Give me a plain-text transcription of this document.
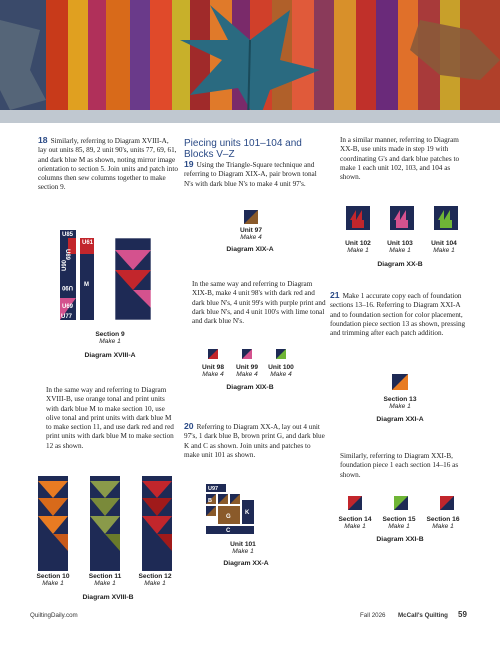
18 Similarly, referring to Diagram XVIII-A, lay out units 85, 89, 2 unit 90's, units 77, 69, 61, and dark blue M as shown, noting mirror image orientation to section 5. Join units and patch into columns then sew columns together to make section 9.

U85
U61
U89
U90
U90 M
U69
U77
Section 9
Make 1
Diagram XVIII-A

In the same way and referring to Diagram XVIII-B, use orange tonal and print units with dark blue M to make section 10, use olive tonal and print units with dark blue M to make section 11, and use dark red and red print units with dark blue M to make section 12 as shown.

Section 10
Make 1
Section 11
Make 1
Section 12
Make 1
Diagram XVIII-B
Piecing units 101–104 and Blocks V–Z

19 Using the Triangle-Square technique and referring to Diagram XIX-A, pair brown tonal N's with dark blue N's to make 4 unit 97's.

Unit 97
Make 4
Diagram XIX-A

In the same way and referring to Diagram XIX-B, make 4 unit 98's with dark red and dark blue N's, 4 unit 99's with purple print and dark blue N's, and 4 unit 100's with lime tonal and dark blue N's.

Unit 98
Make 4
Unit 99
Make 4
Unit 100
Make 4
Diagram XIX-B

20 Referring to Diagram XX-A, lay out 4 unit 97's, 1 dark blue B, brown print G, and dark blue K and C as shown. Join units and patches to make unit 101 as shown.

U97
B
G
K
C
Unit 101
Make 1
Diagram XX-A

In a similar manner, referring to Diagram XX-B, use units made in step 19 with coordinating G's and dark blue patches to make 1 each unit 102, 103, and 104 as shown.

Unit 102
Make 1
Unit 103
Make 1
Unit 104
Make 1
Diagram XX-B

21 Make 1 accurate copy each of foundation sections 13–16. Referring to Diagram XXI-A and to foundation section for color placement, foundation piece section 13 as shown, pressing and trimming after each patch addition.

Section 13
Make 1
Diagram XXI-A

Similarly, referring to Diagram XXI-B, foundation piece 1 each section 14–16 as shown.

Section 14
Make 1
Section 15
Make 1
Section 16
Make 1
Diagram XXI-B
QuiltingDaily.com	Fall 2026 McCall's Quilting 59
